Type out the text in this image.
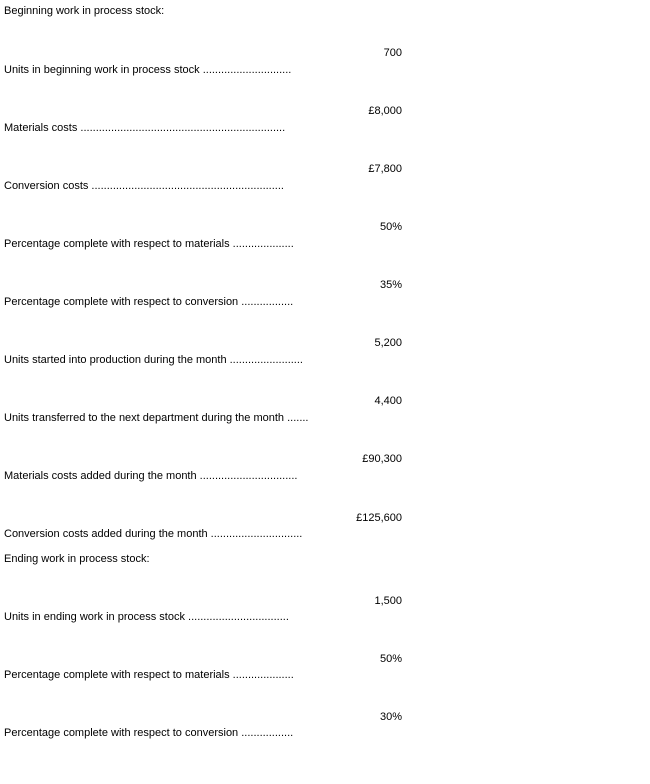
Beginning work in process stock:
700
Units in beginning work in process stock .............................
£8,000
Materials costs ...................................................................
£7,800
Conversion costs ...............................................................
50%
Percentage complete with respect to materials ....................
35%
Percentage complete with respect to conversion .................
5,200
Units started into production during the month ........................
4,400
Units transferred to the next department during the month .......
£90,300
Materials costs added during the month ................................
£125,600
Conversion costs added during the month ..............................
Ending work in process stock:
1,500
Units in ending work in process stock .................................
50%
Percentage complete with respect to materials ....................
30%
Percentage complete with respect to conversion .................
